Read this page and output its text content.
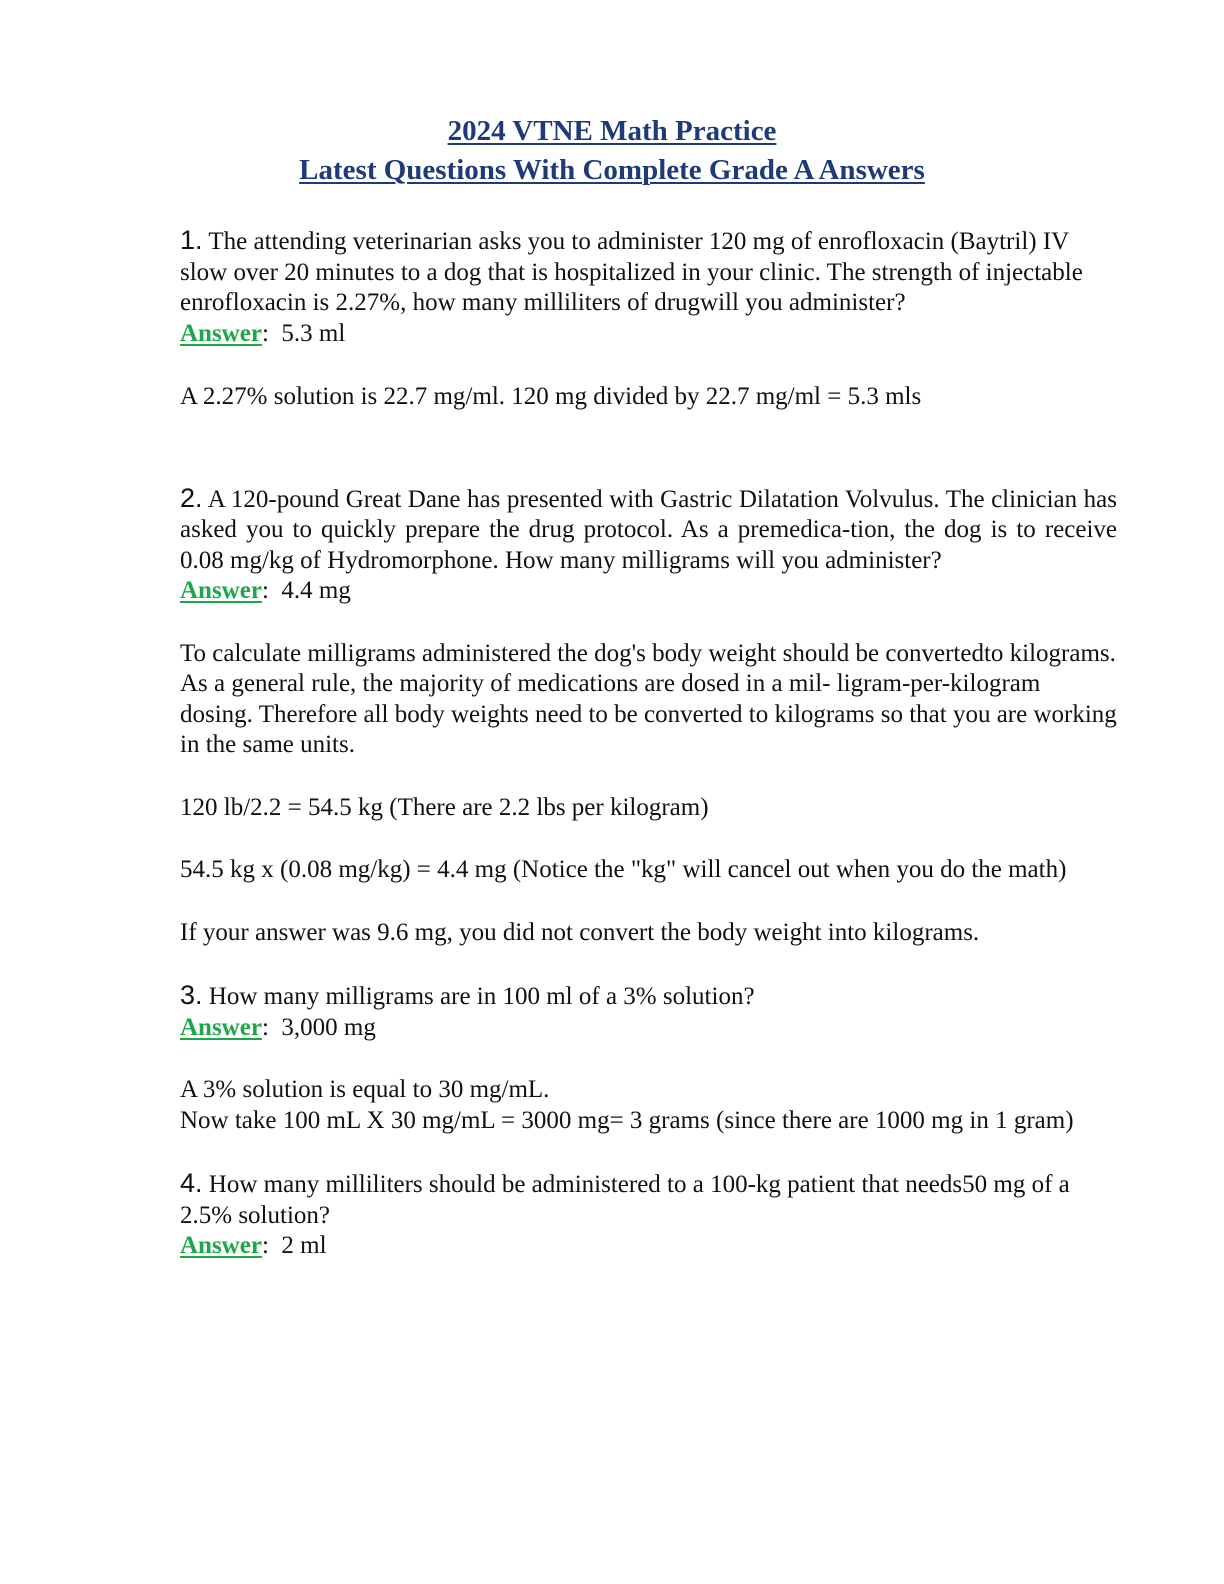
2024 VTNE Math Practice
Latest Questions With Complete Grade A Answers

1. The attending veterinarian asks you to administer 120 mg of enrofloxacin (Baytril) IV slow over 20 minutes to a dog that is hospitalized in your clinic. The strength of injectable enrofloxacin is 2.27%, how many milliliters of drugwill you administer?

Answer:  5.3 ml

A 2.27% solution is 22.7 mg/ml. 120 mg divided by 22.7 mg/ml = 5.3 mls

2. A 120-pound Great Dane has presented with Gastric Dilatation Volvulus. The clinician has asked you to quickly prepare the drug protocol. As a premedica-tion, the dog is to receive 0.08 mg/kg of Hydromorphone. How many milligrams will you administer?

Answer:  4.4 mg

To calculate milligrams administered the dog's body weight should be convertedto kilograms. As a general rule, the majority of medications are dosed in a mil- ligram-per-kilogram dosing. Therefore all body weights need to be converted to kilograms so that you are working in the same units.

120 lb/2.2 = 54.5 kg (There are 2.2 lbs per kilogram)

54.5 kg x (0.08 mg/kg) = 4.4 mg (Notice the "kg" will cancel out when you do the math)

If your answer was 9.6 mg, you did not convert the body weight into kilograms.

3. How many milligrams are in 100 ml of a 3% solution?

Answer:  3,000 mg

A 3% solution is equal to 30 mg/mL.

Now take 100 mL X 30 mg/mL = 3000 mg= 3 grams (since there are 1000 mg in 1 gram)

4. How many milliliters should be administered to a 100-kg patient that needs50 mg of a 2.5% solution?

Answer:  2 ml
